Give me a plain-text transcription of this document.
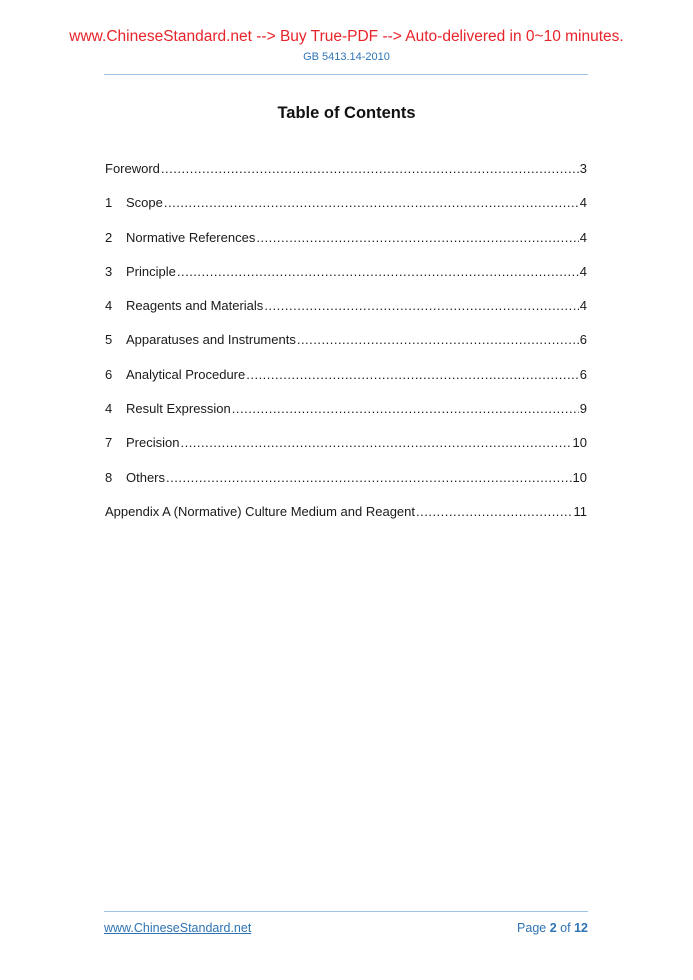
www.ChineseStandard.net --> Buy True-PDF --> Auto-delivered in 0~10 minutes.
GB 5413.14-2010
Table of Contents
Foreword .....	3
1	Scope .....	4
2	Normative References .....	4
3	Principle .....	4
4	Reagents and Materials .....	4
5	Apparatuses and Instruments .....	6
6	Analytical Procedure .....	6
4	Result Expression .....	9
7	Precision .....	10
8	Others .....	10
Appendix A (Normative) Culture Medium and Reagent .....	11
www.ChineseStandard.net	Page 2 of 12
